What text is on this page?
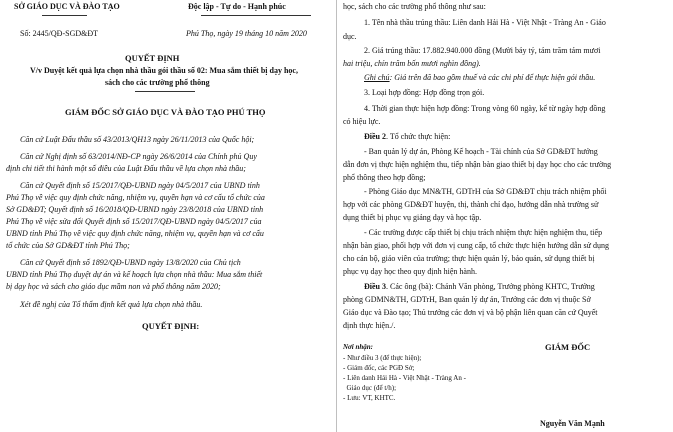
SỞ GIÁO DỤC VÀ ĐÀO TẠO	Độc lập - Tự do - Hạnh phúc
Số: 2445/QĐ-SGD&ĐT	Phú Thọ, ngày 19 tháng 10 năm 2020
QUYẾT ĐỊNH
V/v Duyệt kết quả lựa chọn nhà thầu gói thầu số 02: Mua sắm thiết bị dạy học,
sách cho các trường phổ thông
GIÁM ĐỐC SỞ GIÁO DỤC VÀ ĐÀO TẠO PHÚ THỌ
Căn cứ Luật Đấu thầu số 43/2013/QH13 ngày 26/11/2013 của Quốc hội;
Căn cứ Nghị định số 63/2014/NĐ-CP ngày 26/6/2014 của Chính phủ Quy
định chi tiết thi hành một số điều của Luật Đấu thầu về lựa chọn nhà thầu;
Căn cứ Quyết định số 15/2017/QĐ-UBND ngày 04/5/2017 của UBND tỉnh
Phú Thọ về việc quy định chức năng, nhiệm vụ, quyền hạn và cơ cấu tổ chức của
Sở GD&ĐT; Quyết định số 16/2018/QĐ-UBND ngày 23/8/2018 của UBND tỉnh
Phú Thọ về việc sửa đổi Quyết định số 15/2017/QĐ-UBND ngày 04/5/2017 của
UBND tỉnh Phú Thọ về việc quy định chức năng, nhiệm vụ, quyền hạn và cơ cấu
tổ chức của Sở GD&ĐT tỉnh Phú Thọ;
Căn cứ Quyết định số 1892/QĐ-UBND ngày 13/8/2020 của Chủ tịch
UBND tỉnh Phú Thọ duyệt dự án và kế hoạch lựa chọn nhà thầu: Mua sắm thiết
bị dạy học và sách cho giáo dục mầm non và phổ thông năm 2020;
Xét đề nghị của Tổ thẩm định kết quả lựa chọn nhà thầu.
QUYẾT ĐỊNH:
học, sách cho các trường phổ thông như sau:
1. Tên nhà thầu trúng thầu: Liên danh Hải Hà - Việt Nhật - Tràng An - Giáo
dục.
2. Giá trúng thầu: 17.882.940.000 đồng (Mười bảy tỷ, tám trăm tám mươi
hai triệu, chín trăm bốn mươi nghìn đồng).
Ghi chú: Giá trên đã bao gồm thuế và các chi phí để thực hiện gói thầu.
3. Loại hợp đồng: Hợp đồng trọn gói.
4. Thời gian thực hiện hợp đồng: Trong vòng 60 ngày, kể từ ngày hợp đồng
có hiệu lực.
Điều 2. Tổ chức thực hiện:
- Ban quản lý dự án, Phòng Kế hoạch - Tài chính của Sở GD&ĐT hướng
dẫn đơn vị thực hiện nghiệm thu, tiếp nhận bàn giao thiết bị dạy học cho các trường
phổ thông theo hợp đồng;
- Phòng Giáo dục MN&TH, GDTrH của Sở GD&ĐT chịu trách nhiệm phối
hợp với các phòng GD&ĐT huyện, thị, thành chỉ đạo, hướng dẫn nhà trường sử
dụng thiết bị phục vụ giảng dạy và học tập.
- Các trường được cấp thiết bị chịu trách nhiệm thực hiện nghiệm thu, tiếp
nhận bàn giao, phối hợp với đơn vị cung cấp, tổ chức thực hiện hướng dẫn sử dụng
cho cán bộ, giáo viên của trường; thực hiện quản lý, bảo quản, sử dụng thiết bị
phục vụ dạy học theo quy định hiện hành.
Điều 3. Các ông (bà): Chánh Văn phòng, Trưởng phòng KHTC, Trưởng
phòng GDMN&TH, GDTrH, Ban quản lý dự án, Trưởng các đơn vị thuộc Sở
Giáo dục và Đào tạo; Thủ trưởng các đơn vị và bộ phận liên quan căn cứ Quyết
định thực hiện./.
Nơi nhận:
- Như điều 3 (để thực hiện);
- Giám đốc, các PGĐ Sở;
- Liên danh Hải Hà - Việt Nhật - Tràng An -
Giáo dục (để t/h);
- Lưu: VT, KHTC.
GIÁM ĐỐC
Nguyễn Văn Mạnh
